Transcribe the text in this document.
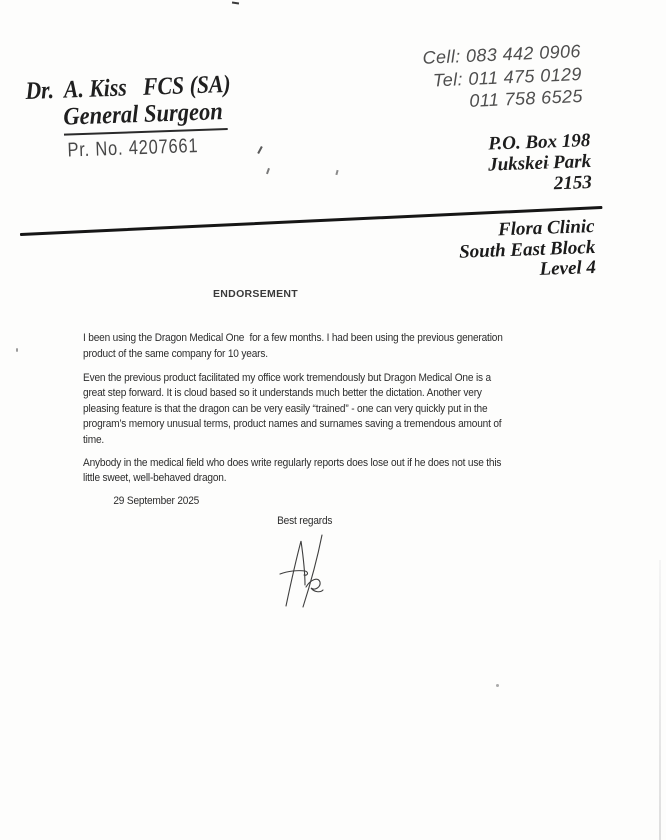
Dr.  A. Kiss   FCS (SA)
General Surgeon
Pr. No. 4207661
Cell: 083 442 0906
Tel: 011 475 0129
011 758 6525
P.O. Box 198
Jukskei Park
2153
Flora Clinic
South East Block
Level 4
ENDORSEMENT
I been using the Dragon Medical One  for a few months. I had been using the previous generation
product of the same company for 10 years.
Even the previous product facilitated my office work tremendously but Dragon Medical One is a
great step forward. It is cloud based so it understands much better the dictation. Another very
pleasing feature is that the dragon can be very easily “trained” - one can very quickly put in the
program’s memory unusual terms, product names and surnames saving a tremendous amount of
time.
Anybody in the medical field who does write regularly reports does lose out if he does not use this
little sweet, well-behaved dragon.
29 September 2025
Best regards
